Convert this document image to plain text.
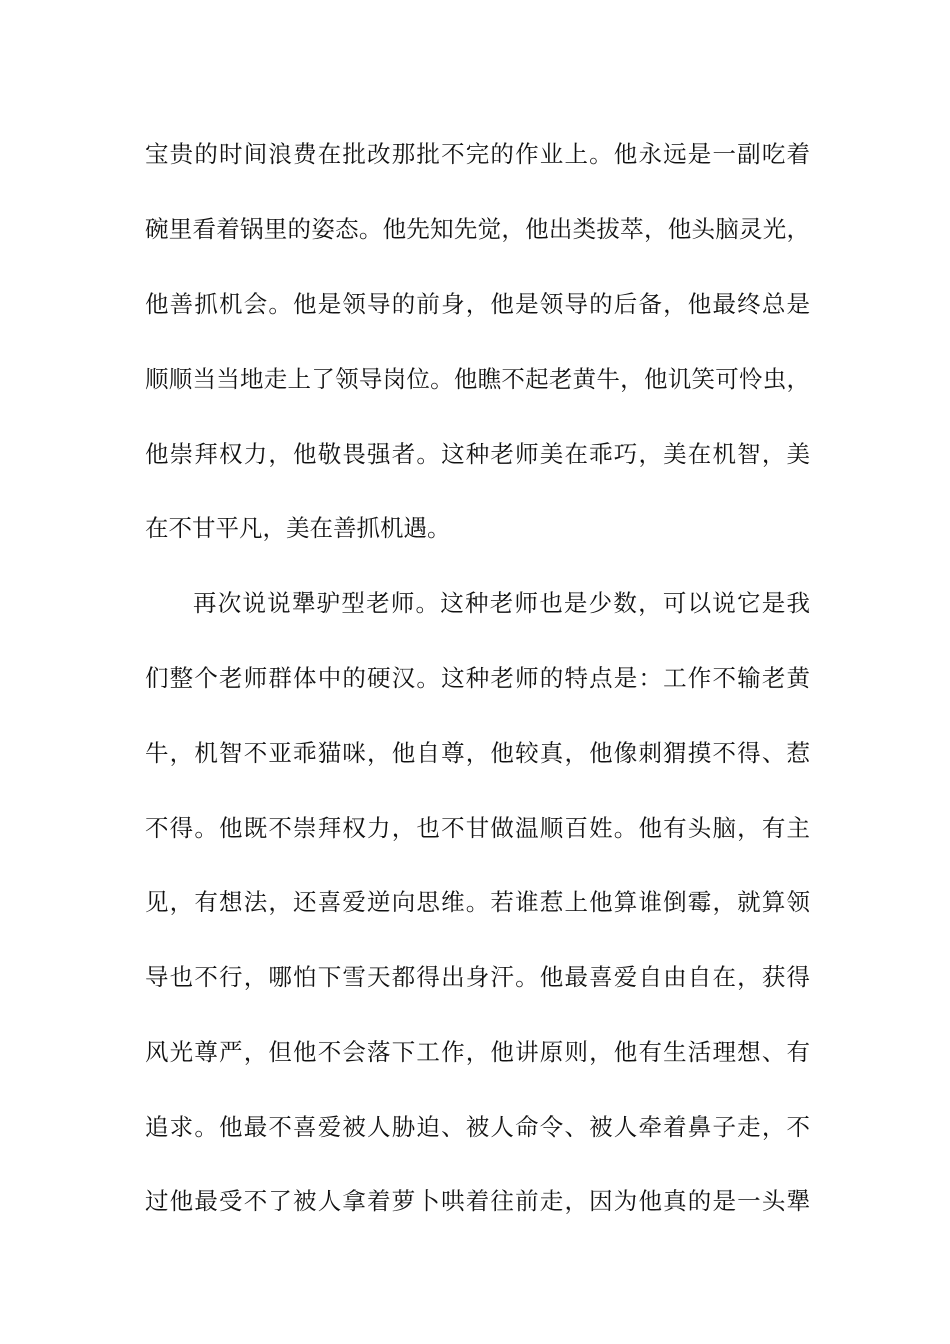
宝贵的时间浪费在批改那批不完的作业上。他永远是一副吃着
碗里看着锅里的姿态。他先知先觉，他出类拔萃，他头脑灵光，
他善抓机会。他是领导的前身，他是领导的后备，他最终总是
顺顺当当地走上了领导岗位。他瞧不起老黄牛，他讥笑可怜虫，
他崇拜权力，他敬畏强者。这种老师美在乖巧，美在机智，美
在不甘平凡，美在善抓机遇。
再次说说犟驴型老师。这种老师也是少数，可以说它是我
们整个老师群体中的硬汉。这种老师的特点是：工作不输老黄
牛，机智不亚乖猫咪，他自尊，他较真，他像刺猬摸不得、惹
不得。他既不崇拜权力，也不甘做温顺百姓。他有头脑，有主
见，有想法，还喜爱逆向思维。若谁惹上他算谁倒霉，就算领
导也不行，哪怕下雪天都得出身汗。他最喜爱自由自在，获得
风光尊严，但他不会落下工作，他讲原则，他有生活理想、有
追求。他最不喜爱被人胁迫、被人命令、被人牵着鼻子走，不
过他最受不了被人拿着萝卜哄着往前走，因为他真的是一头犟
